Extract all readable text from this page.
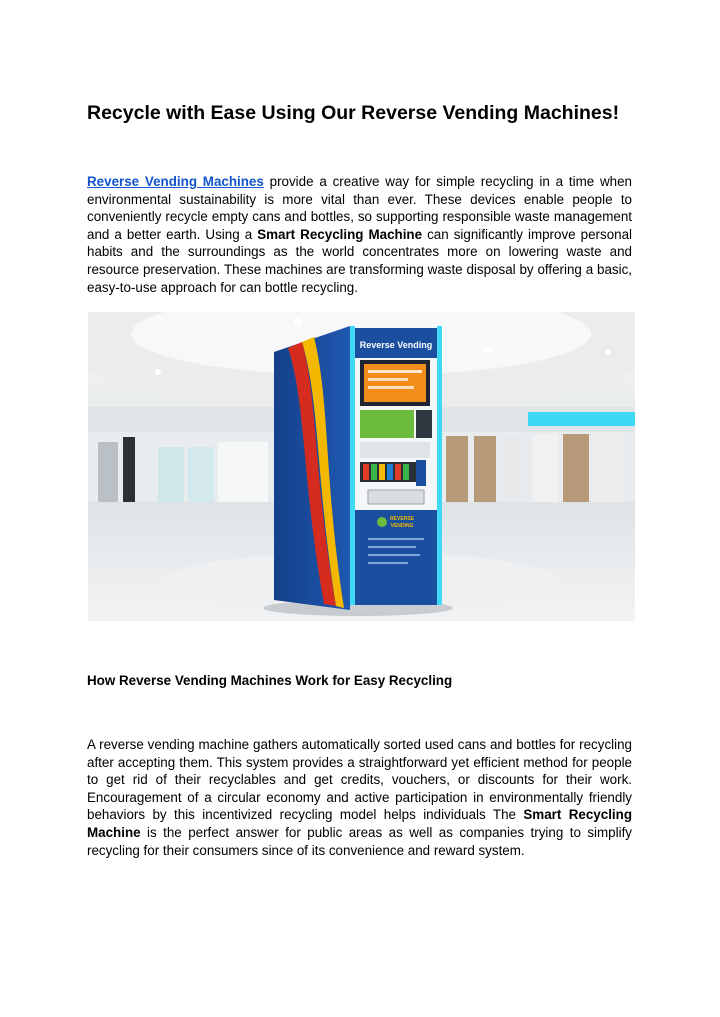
Recycle with Ease Using Our Reverse Vending Machines!

Reverse Vending Machines provide a creative way for simple recycling in a time when environmental sustainability is more vital than ever. These devices enable people to conveniently recycle empty cans and bottles, so supporting responsible waste management and a better earth. Using a Smart Recycling Machine can significantly improve personal habits and the surroundings as the world concentrates more on lowering waste and resource preservation. These machines are transforming waste disposal by offering a basic, easy-to-use approach for can bottle recycling.

Reverse Vending
REVERSE
VENDING
How Reverse Vending Machines Work for Easy Recycling

A reverse vending machine gathers automatically sorted used cans and bottles for recycling after accepting them. This system provides a straightforward yet efficient method for people to get rid of their recyclables and get credits, vouchers, or discounts for their work. Encouragement of a circular economy and active participation in environmentally friendly behaviors by this incentivized recycling model helps individuals The Smart Recycling Machine is the perfect answer for public areas as well as companies trying to simplify recycling for their consumers since of its convenience and reward system.
